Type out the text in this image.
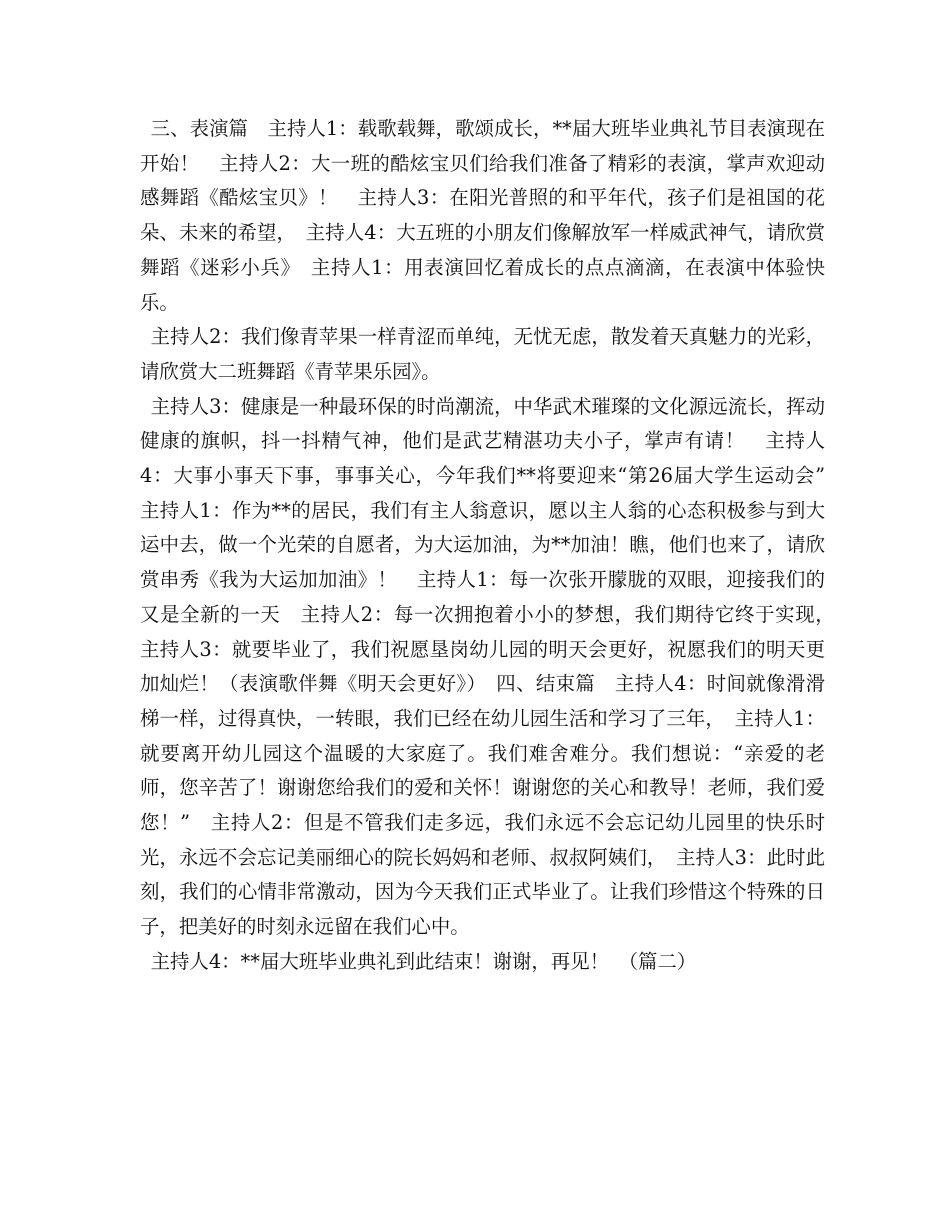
三、表演篇　主持人1：载歌载舞，歌颂成长，**届大班毕业典礼节目表演现在开始！　主持人2：大一班的酷炫宝贝们给我们准备了精彩的表演，掌声欢迎动感舞蹈《酷炫宝贝》！　主持人3：在阳光普照的和平年代，孩子们是祖国的花朵、未来的希望，　主持人4：大五班的小朋友们像解放军一样威武神气，请欣赏舞蹈《迷彩小兵》　主持人1：用表演回忆着成长的点点滴滴，在表演中体验快乐。

主持人2：我们像青苹果一样青涩而单纯，无忧无虑，散发着天真魅力的光彩，请欣赏大二班舞蹈《青苹果乐园》。

主持人3：健康是一种最环保的时尚潮流，中华武术璀璨的文化源远流长，挥动健康的旗帜，抖一抖精气神，他们是武艺精湛功夫小子，掌声有请！　主持人4：大事小事天下事，事事关心，今年我们**将要迎来“第26届大学生运动会”　主持人1：作为**的居民，我们有主人翁意识，愿以主人翁的心态积极参与到大运中去，做一个光荣的自愿者，为大运加油，为**加油！瞧，他们也来了，请欣赏串秀《我为大运加加油》！　主持人1：每一次张开朦胧的双眼，迎接我们的又是全新的一天　主持人2：每一次拥抱着小小的梦想，我们期待它终于实现，　主持人3：就要毕业了，我们祝愿垦岗幼儿园的明天会更好，祝愿我们的明天更加灿烂！（表演歌伴舞《明天会更好》）　四、结束篇　主持人4：时间就像滑滑梯一样，过得真快，一转眼，我们已经在幼儿园生活和学习了三年，　主持人1：就要离开幼儿园这个温暖的大家庭了。我们难舍难分。我们想说：“亲爱的老师，您辛苦了！谢谢您给我们的爱和关怀！谢谢您的关心和教导！老师，我们爱您！”　主持人2：但是不管我们走多远，我们永远不会忘记幼儿园里的快乐时光，永远不会忘记美丽细心的院长妈妈和老师、叔叔阿姨们，　主持人3：此时此刻，我们的心情非常激动，因为今天我们正式毕业了。让我们珍惜这个特殊的日子，把美好的时刻永远留在我们心中。

主持人4：**届大班毕业典礼到此结束！谢谢，再见！　（篇二）
